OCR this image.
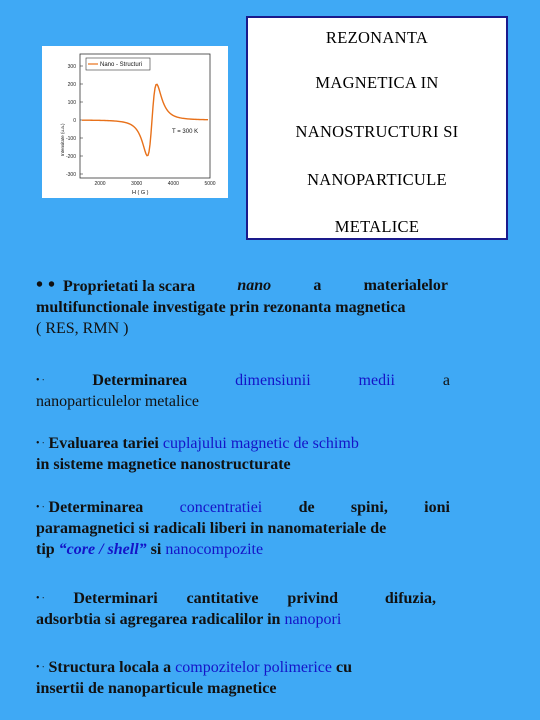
300
200
100
0
-100
-200
-300
2000	3000	4000	5000
Nano - Structuri
T = 300 K
H ( G )
Intensitate (u.a.)
REZONANTA
MAGNETICA IN
NANOSTRUCTURI SI
NANOPARTICULE
METALICE
• • Proprietati la scara	nano	a	materialelor
multifunctionale investigate prin rezonanta magnetica
( RES, RMN )
• ∙	Determinarea	dimensiunii	medii	a
nanoparticulelor metalice
• ∙ Evaluarea tariei cuplajului magnetic de schimb
in sisteme magnetice nanostructurate
• ∙ Determinarea concentratiei de spini, ioni
paramagnetici si radicali liberi in nanomateriale de
tip “core / shell” si nanocompozite
• ∙ Determinari cantitative privind	difuzia,
adsorbtia si agregarea radicalilor in nanopori
• ∙ Structura locala a compozitelor polimerice cu
insertii de nanoparticule magnetice
